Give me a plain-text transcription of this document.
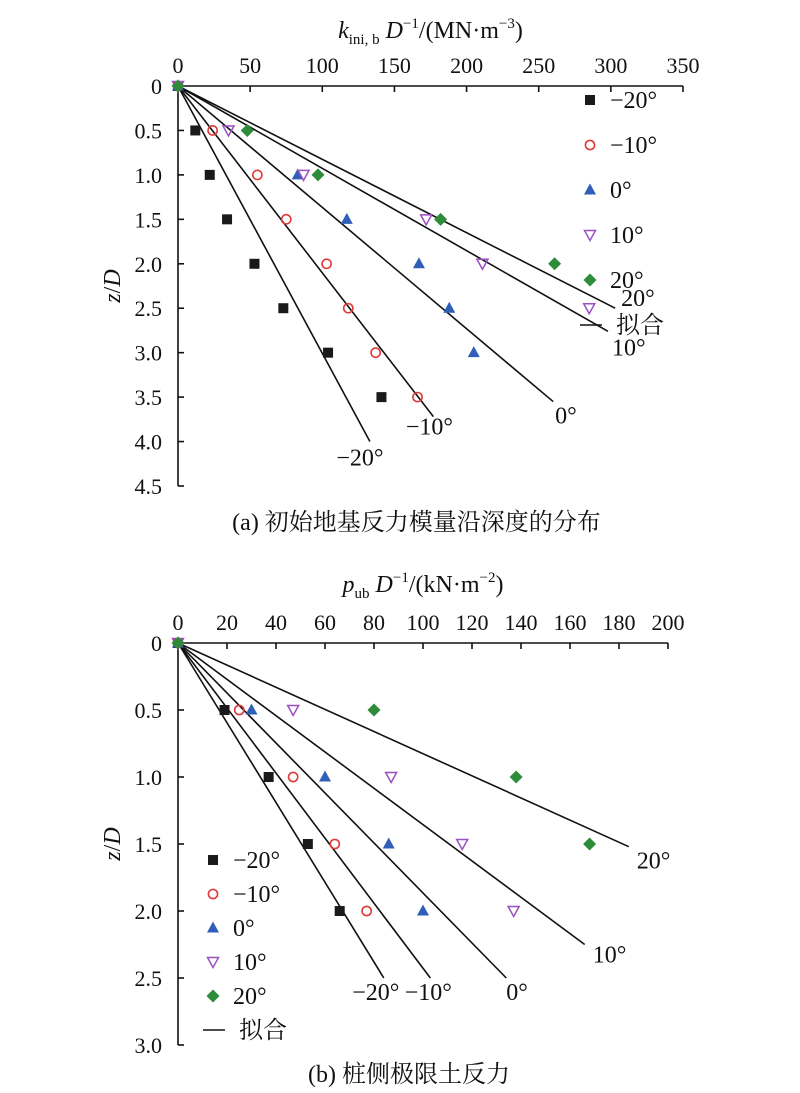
0	50 100 150 200 250 300 350
0
0.5
1.0
1.5
2.0
2.5
3.0
3.5
4.0
4.5
$k_{ini, b}$ $D^{-1}/(MN\cdot m^{-3})$
z/D
−20°
−10°	0°
10°
20°
−20°
−10°
0°
10°
20°
拟合
(a) 初始地基反力模量沿深度的分布
0 20 40 60 80 100 120 140 160 180 200
0
0.5
1.0
1.5
2.0
2.5
3.0
$p_{ub}$ $D^{-1}/(kN\cdot m^{-2})$
z/D
−20° −10° 0°
10°
20°
−20°
−10°
0°
10°
20°
拟合
(b) 桩侧极限土反力
